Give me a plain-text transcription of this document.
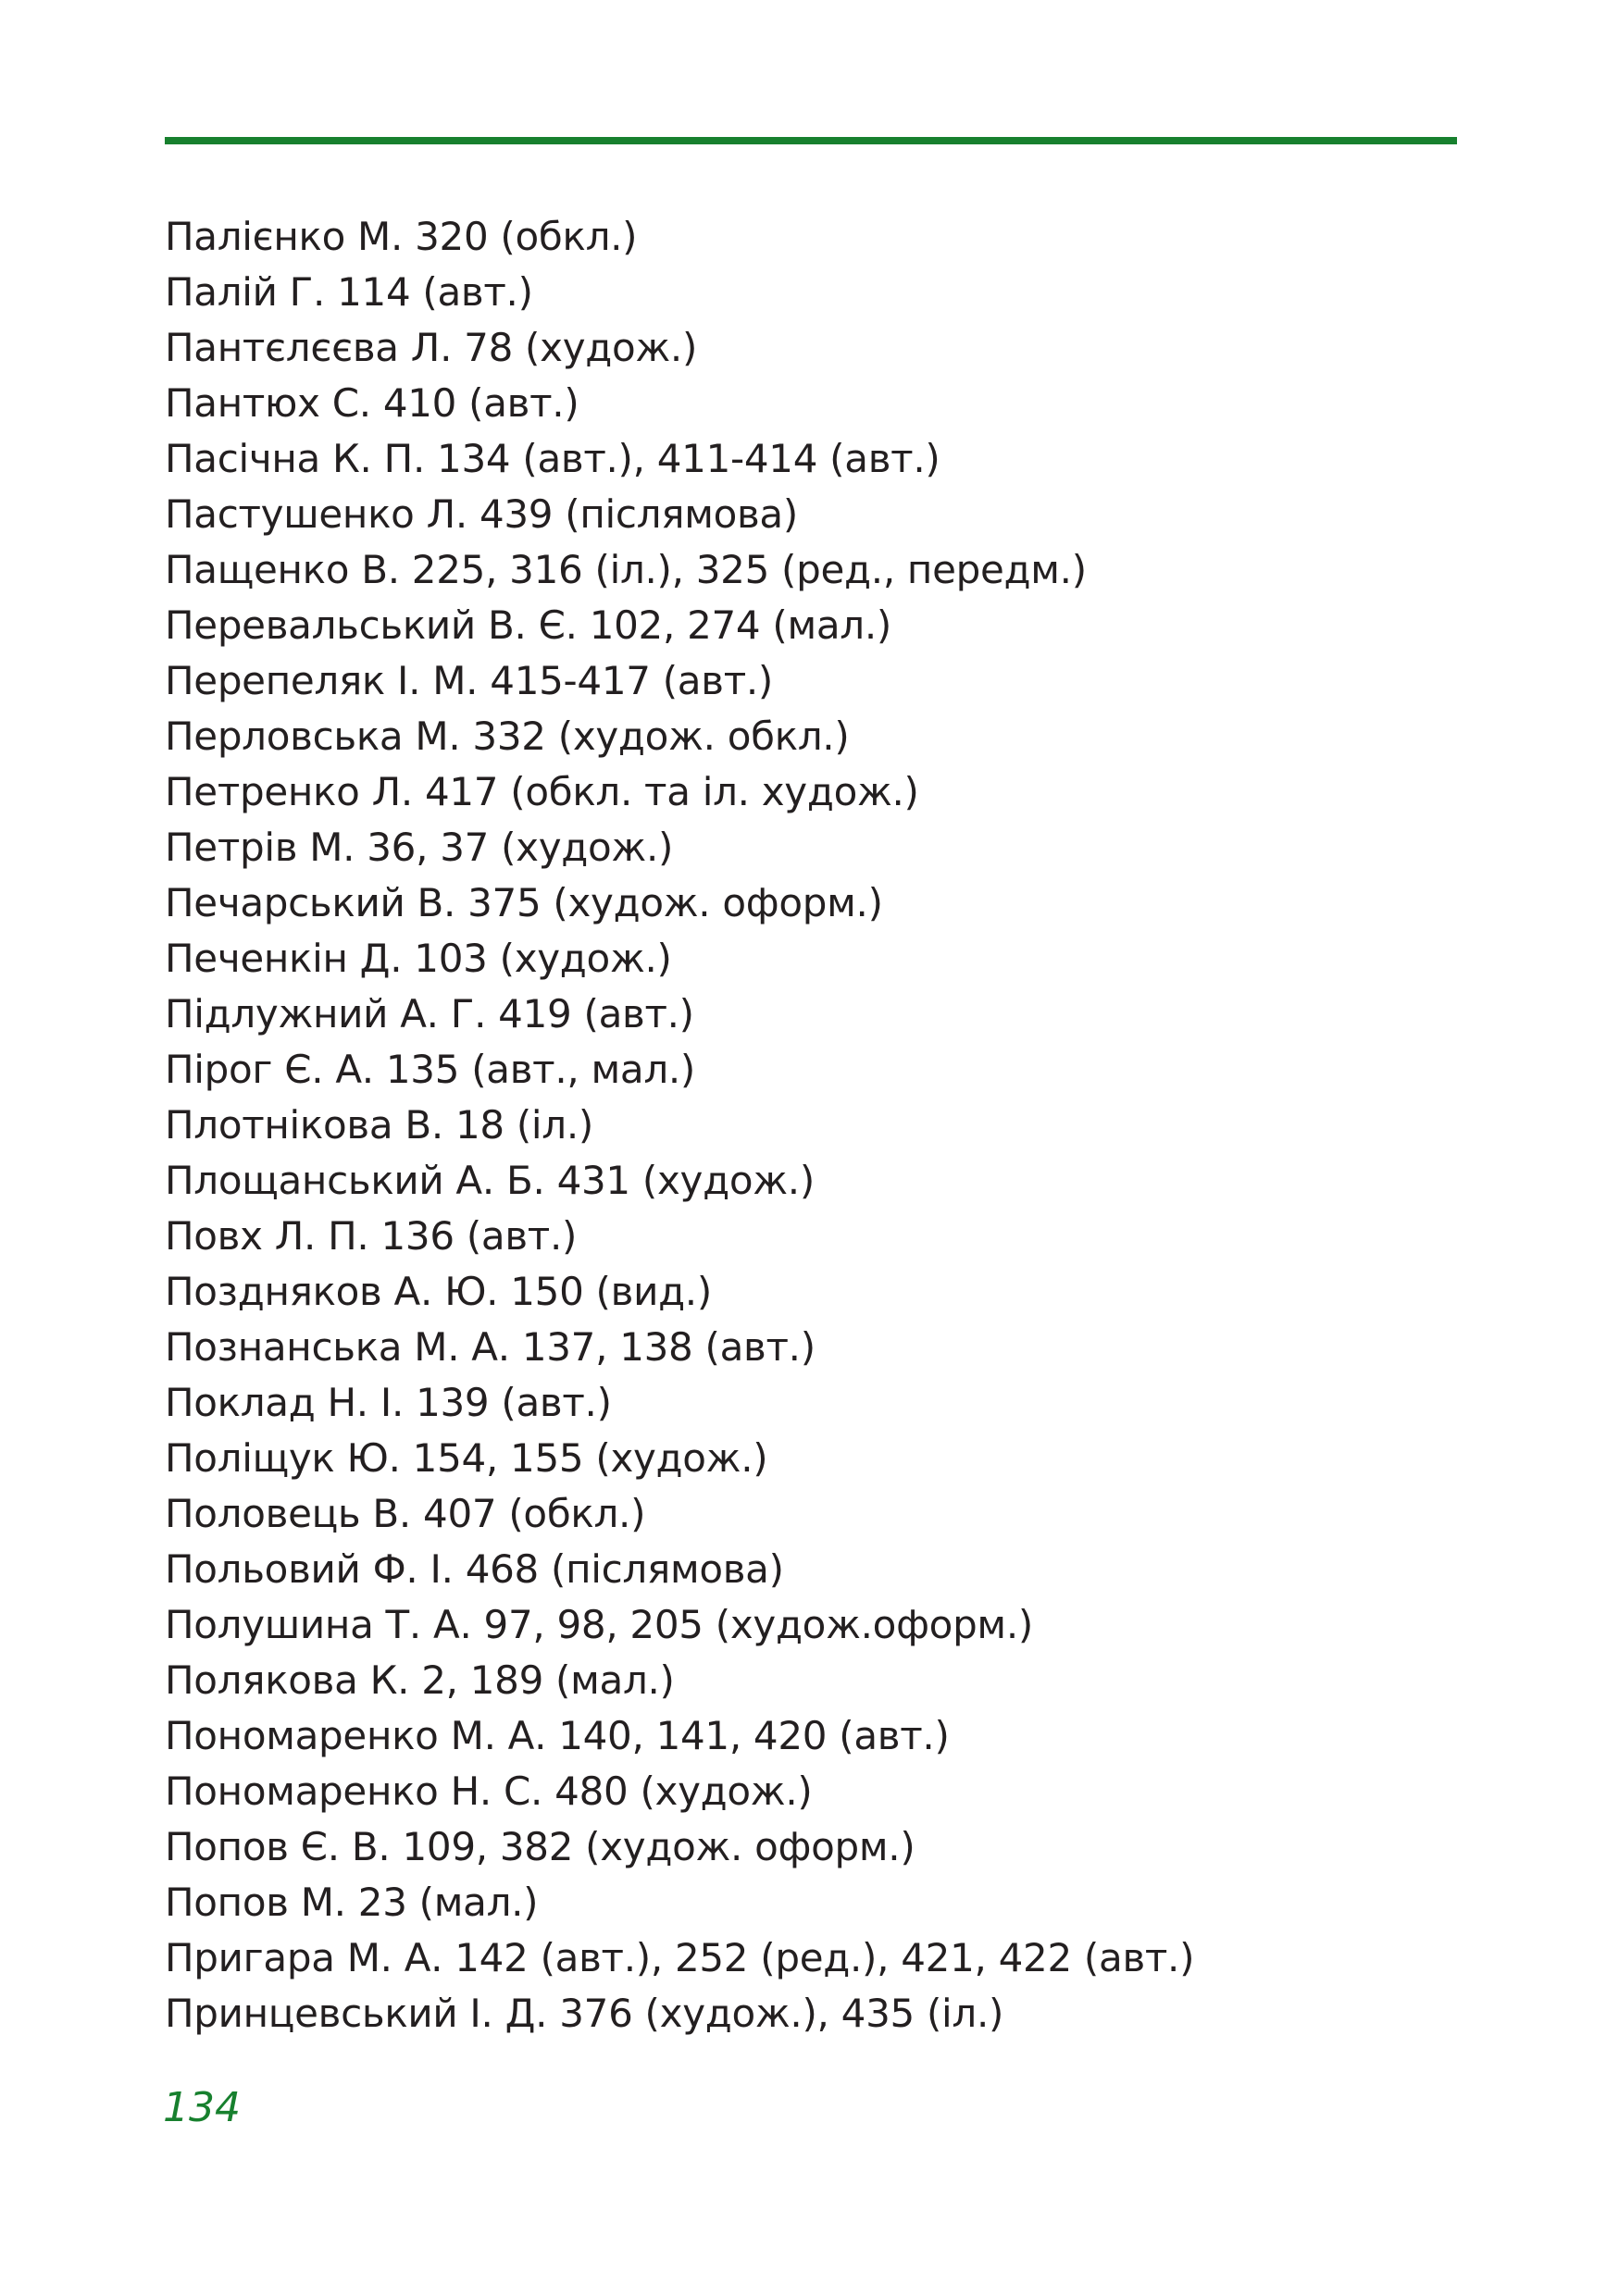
Палієнко М. 320 (обкл.)
Палій Г. 114 (авт.)
Пантєлєєва Л. 78 (худож.)
Пантюх С. 410 (авт.)
Пасічна К. П. 134 (авт.), 411-414 (авт.)
Пастушенко Л. 439 (післямова)
Пащенко В. 225, 316 (іл.), 325 (ред., передм.)
Перевальський В. Є. 102, 274 (мал.)
Перепеляк І. М. 415-417 (авт.)
Перловська М. 332 (худож. обкл.)
Петренко Л. 417 (обкл. та іл. худож.)
Петрів М. 36, 37 (худож.)
Печарський В. 375 (худож. оформ.)
Печенкін Д. 103 (худож.)
Підлужний А. Г. 419 (авт.)
Пірог Є. А. 135 (авт., мал.)
Плотнікова В. 18 (іл.)
Площанський А. Б. 431 (худож.)
Повх Л. П. 136 (авт.)
Поздняков А. Ю. 150 (вид.)
Познанська М. А. 137, 138 (авт.)
Поклад Н. І. 139 (авт.)
Поліщук Ю. 154, 155 (худож.)
Половець В. 407 (обкл.)
Польовий Ф. І. 468 (післямова)
Полушина Т. А. 97, 98, 205 (худож.оформ.)
Полякова К. 2, 189 (мал.)
Пономаренко М. А. 140, 141, 420 (авт.)
Пономаренко Н. С. 480 (худож.)
Попов Є. В. 109, 382 (худож. оформ.)
Попов М. 23 (мал.)
Пригара М. А. 142 (авт.), 252 (ред.), 421, 422 (авт.)
Принцевський І. Д. 376 (худож.), 435 (іл.)
134
